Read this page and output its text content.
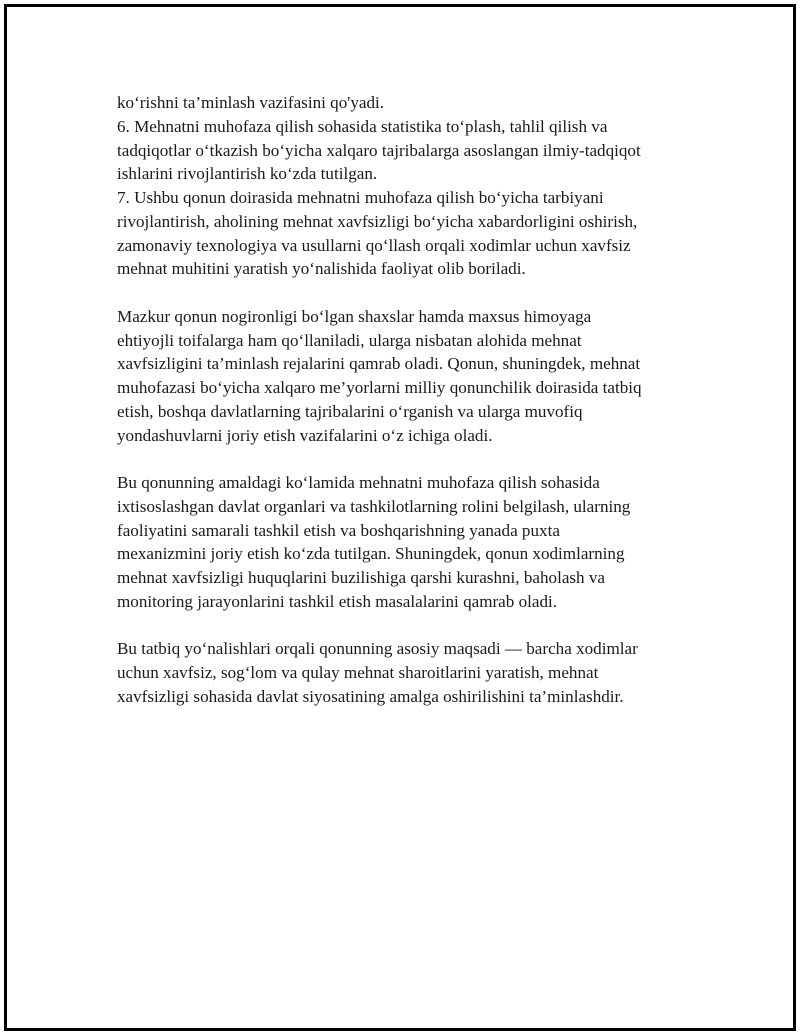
ko‘rishni ta’minlash vazifasini qo'yadi.
6. Mehnatni muhofaza qilish sohasida statistika to‘plash, tahlil qilish va
tadqiqotlar o‘tkazish bo‘yicha xalqaro tajribalarga asoslangan ilmiy-tadqiqot
ishlarini rivojlantirish ko‘zda tutilgan.
7. Ushbu qonun doirasida mehnatni muhofaza qilish bo‘yicha tarbiyani
rivojlantirish, aholining mehnat xavfsizligi bo‘yicha xabardorligini oshirish,
zamonaviy texnologiya va usullarni qo‘llash orqali xodimlar uchun xavfsiz
mehnat muhitini yaratish yo‘nalishida faoliyat olib boriladi.
Mazkur qonun nogironligi bo‘lgan shaxslar hamda maxsus himoyaga
ehtiyojli toifalarga ham qo‘llaniladi, ularga nisbatan alohida mehnat
xavfsizligini ta’minlash rejalarini qamrab oladi. Qonun, shuningdek, mehnat
muhofazasi bo‘yicha xalqaro me’yorlarni milliy qonunchilik doirasida tatbiq
etish, boshqa davlatlarning tajribalarini o‘rganish va ularga muvofiq
yondashuvlarni joriy etish vazifalarini o‘z ichiga oladi.
Bu qonunning amaldagi ko‘lamida mehnatni muhofaza qilish sohasida
ixtisoslashgan davlat organlari va tashkilotlarning rolini belgilash, ularning
faoliyatini samarali tashkil etish va boshqarishning yanada puxta
mexanizmini joriy etish ko‘zda tutilgan. Shuningdek, qonun xodimlarning
mehnat xavfsizligi huquqlarini buzilishiga qarshi kurashni, baholash va
monitoring jarayonlarini tashkil etish masalalarini qamrab oladi.
Bu tatbiq yo‘nalishlari orqali qonunning asosiy maqsadi — barcha xodimlar
uchun xavfsiz, sog‘lom va qulay mehnat sharoitlarini yaratish, mehnat
xavfsizligi sohasida davlat siyosatining amalga oshirilishini ta’minlashdir.
